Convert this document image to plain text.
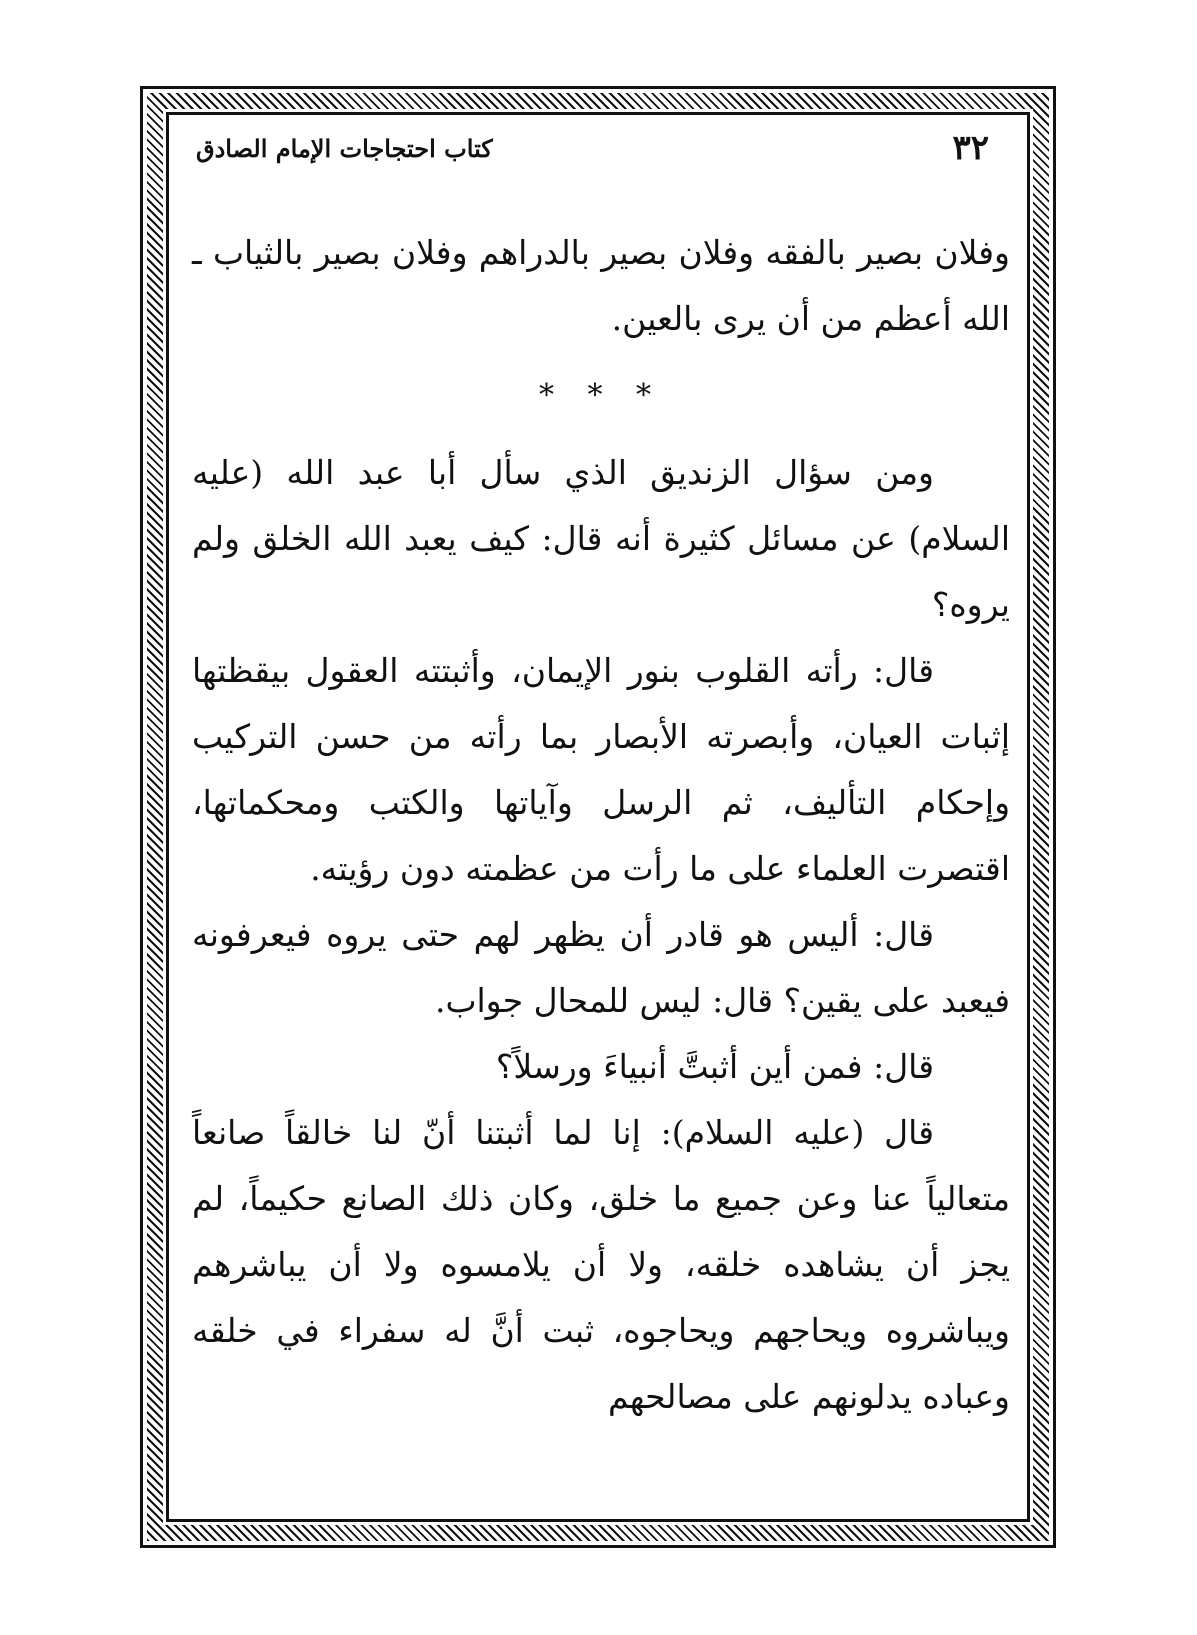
٣٢
كتاب احتجاجات الإمام الصادق

وفلان بصير بالفقه وفلان بصير بالدراهم وفلان بصير بالثياب ـ الله أعظم من أن يرى بالعين.

* * *

ومن سؤال الزنديق الذي سأل أبا عبد الله (عليه السلام) عن مسائل كثيرة أنه قال: كيف يعبد الله الخلق ولم يروه؟

قال: رأته القلوب بنور الإيمان، وأثبتته العقول بيقظتها إثبات العيان، وأبصرته الأبصار بما رأته من حسن التركيب وإحكام التأليف، ثم الرسل وآياتها والكتب ومحكماتها، اقتصرت العلماء على ما رأت من عظمته دون رؤيته.

قال: أليس هو قادر أن يظهر لهم حتى يروه فيعرفونه فيعبد على يقين؟ قال: ليس للمحال جواب.

قال: فمن أين أثبتَّ أنبياءَ ورسلاً؟

قال (عليه السلام): إنا لما أثبتنا أنّ لنا خالقاً صانعاً متعالياً عنا وعن جميع ما خلق، وكان ذلك الصانع حكيماً، لم يجز أن يشاهده خلقه، ولا أن يلامسوه ولا أن يباشرهم ويباشروه ويحاجهم ويحاجوه، ثبت أنَّ له سفراء في خلقه وعباده يدلونهم على مصالحهم
